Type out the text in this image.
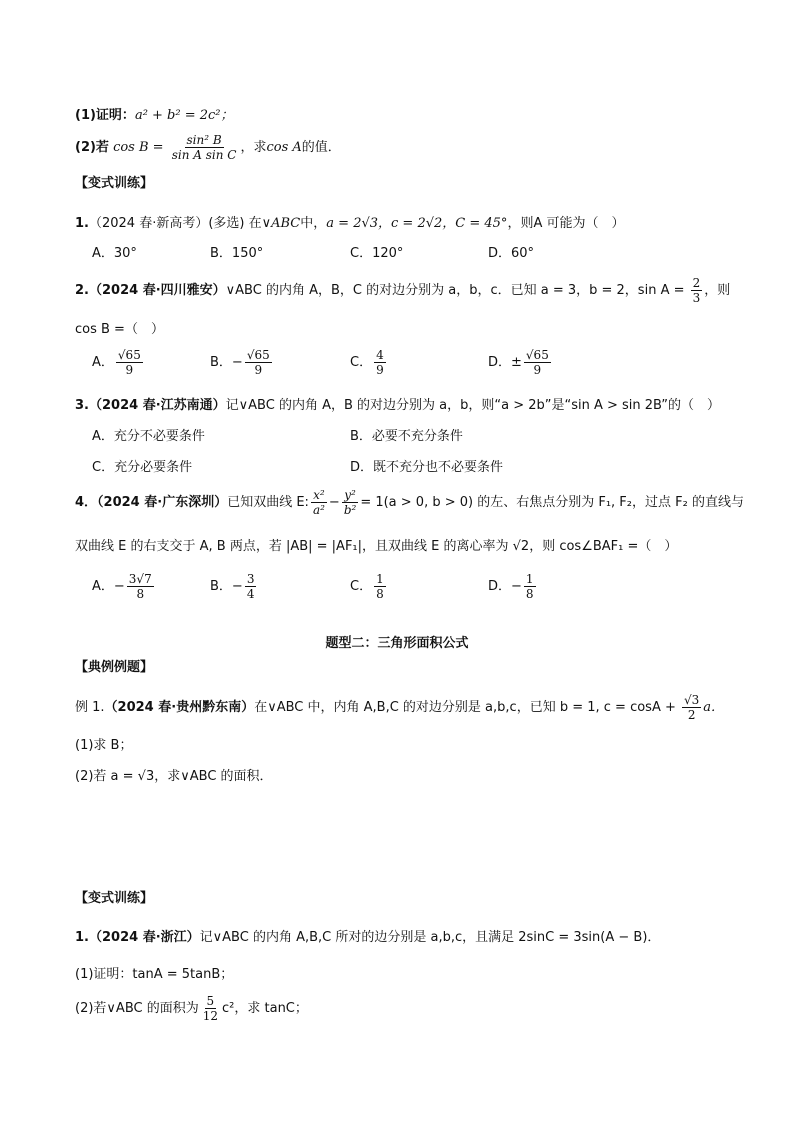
(1)证明：a² + b² = 2c²；
(2)若 $\cos B = \frac{\text{sin² B}}{\text{sin A sin C}}$ ，求cos A的值．
【变式训练】
1.（2024 春·新高考）(多选) 在∨ABC中，a = 2√3，c = 2√2，C = 45°，则A 可能为（　）
A．30°	B．150°	C．120°	D．60°
2.（2024 春·四川雅安）∨ABC 的内角 A，B，C 的对边分别为 a，b，c．已知 a = 3，b = 2，$\sin A = \frac{2}{3}$ ，则
cos B =（　）
A． $\frac{√65}{9}$	B．− $\frac{√65}{9}$	C． $\frac{4}{9}$	D．± $\frac{√65}{9}$
3.（2024 春·江苏南通）记∨ABC 的内角 A，B 的对边分别为 a，b，则“a > 2b”是“sin A > sin 2B”的（　）
A．充分不必要条件	B．必要不充分条件
C．充分必要条件	D．既不充分也不必要条件
4．（2024 春·广东深圳）已知双曲线 E: $\frac{\text{x²}}{\text{a²}} - \frac{\text{y²}}{\text{b²}} = 1(a > 0$, b > 0) 的左、右焦点分别为 F₁, F₂，过点 F₂ 的直线与
双曲线 E 的右支交于 A, B 两点，若 |AB| = |AF₁|，且双曲线 E 的离心率为 √2，则 cos∠BAF₁ =（　）
A．− $\frac{3√7}{8}$	B．− $\frac{3}{4}$	C． $\frac{1}{8}$	D．− $\frac{1}{8}$
题型二：三角形面积公式
【典例例题】
例 1.（2024 春·贵州黔东南）在∨ABC 中，内角 A,B,C 的对边分别是 a,b,c，已知 b = 1, $c = \cos A + \frac{√3}{2}$ a．
(1)求 B；
(2)若 a = √3，求∨ABC 的面积．
【变式训练】
1.（2024 春·浙江）记∨ABC 的内角 A,B,C 所对的边分别是 a,b,c，且满足 2sinC = 3sin(A − B)．
(1)证明：tanA = 5tanB；
(2)若∨ABC 的面积为 $\frac{5}{12} c^2$，求 tanC；
